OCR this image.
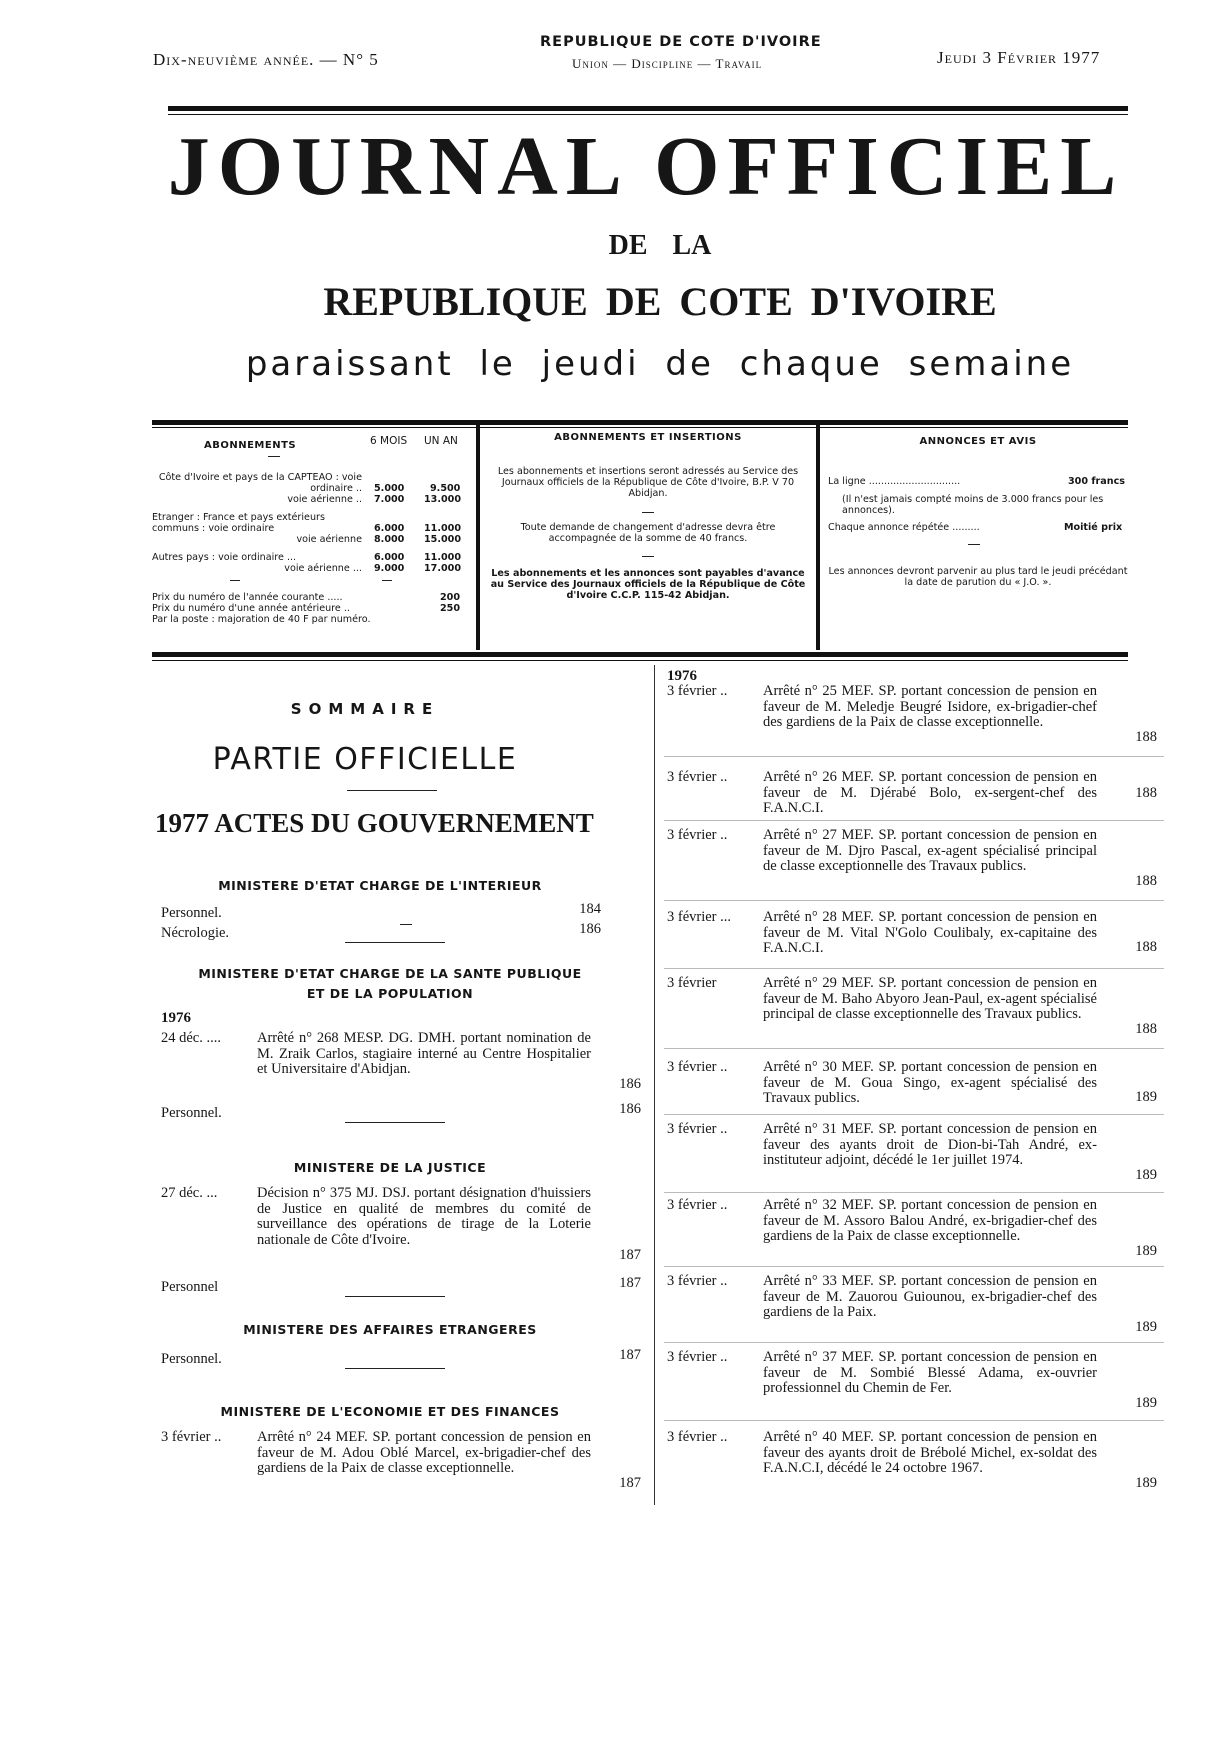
Dix-neuvième année. — N° 5
REPUBLIQUE DE COTE D'IVOIRE
Union — Discipline — Travail	Jeudi 3 Février 1977
JOURNAL OFFICIEL
DE LA
REPUBLIQUE DE COTE D'IVOIRE
paraissant le jeudi de chaque semaine
ABONNEMENTS	6 MOIS UN AN
Côte d'Ivoire et pays de la CAPTEAO : voie ordinaire .. 5.000	9.500
voie aérienne .. 7.000 13.000
Etranger : France et pays extérieurs communs : voie ordinaire	6.000 11.000
voie aérienne 8.000 15.000
Autres pays : voie ordinaire ...	6.000 11.000
voie aérienne ... 9.000 17.000
Prix du numéro de l'année courante .....	200
Prix du numéro d'une année antérieure ..	250
Par la poste : majoration de 40 F par numéro.
ABONNEMENTS ET INSERTIONS
Les abonnements et insertions seront adressés au Service des Journaux officiels de la République de Côte d'Ivoire, B.P. V 70 Abidjan.
Toute demande de changement d'adresse devra être accompagnée de la somme de 40 francs.
Les abonnements et les annonces sont payables d'avance au Service des Journaux officiels de la République de Côte d'Ivoire C.C.P. 115-42 Abidjan.
ANNONCES ET AVIS
La ligne ..............................	300 francs
(Il n'est jamais compté moins de 3.000 francs pour les annonces).
Chaque annonce répétée .........	Moitié prix
Les annonces devront parvenir au plus tard le jeudi précédant la date de parution du « J.O. ».
SOMMAIRE
PARTIE OFFICIELLE
1977 ACTES DU GOUVERNEMENT
MINISTERE D'ETAT CHARGE DE L'INTERIEUR
Personnel.	184
Nécrologie.	186
MINISTERE D'ETAT CHARGE DE LA SANTE PUBLIQUE
ET DE LA POPULATION
1976
24 déc. ....	Arrêté n° 268 MESP. DG. DMH. portant nomination de M. Zraik Carlos, stagiaire interné au Centre Hospitalier et Universitaire d'Abidjan.
186
Personnel.	186
MINISTERE DE LA JUSTICE
27 déc. ...	Décision n° 375 MJ. DSJ. portant désignation d'huissiers de Justice en qualité de membres du comité de surveillance des opérations de tirage de la Loterie nationale de Côte d'Ivoire.
187
Personnel	187
MINISTERE DES AFFAIRES ETRANGERES
Personnel.	187
MINISTERE DE L'ECONOMIE ET DES FINANCES
3 février ..	Arrêté n° 24 MEF. SP. portant concession de pension en faveur de M. Adou Oblé Marcel, ex-brigadier-chef des gardiens de la Paix de classe exceptionnelle.
187
1976
3 février ..	Arrêté n° 25 MEF. SP. portant concession de pension en faveur de M. Meledje Beugré Isidore, ex-brigadier-chef des gardiens de la Paix de classe exceptionnelle.
188
3 février ..	Arrêté n° 26 MEF. SP. portant concession de pension en faveur de M. Djérabé Bolo, ex-sergent-chef des F.A.N.C.I.
188
3 février ..	Arrêté n° 27 MEF. SP. portant concession de pension en faveur de M. Djro Pascal, ex-agent spécialisé principal de classe exceptionnelle des Travaux publics.
188
3 février ...	Arrêté n° 28 MEF. SP. portant concession de pension en faveur de M. Vital N'Golo Coulibaly, ex-capitaine des F.A.N.C.I.	188
3 février	Arrêté n° 29 MEF. SP. portant concession de pension en faveur de M. Baho Abyoro Jean-Paul, ex-agent spécialisé principal de classe exceptionnelle des Travaux publics.
188
3 février ..	Arrêté n° 30 MEF. SP. portant concession de pension en faveur de M. Goua Singo, ex-agent spécialisé des Travaux publics.	189
3 février ..	Arrêté n° 31 MEF. SP. portant concession de pension en faveur des ayants droit de Dion-bi-Tah André, ex-instituteur adjoint, décédé le 1er juillet 1974.
189
3 février ..	Arrêté n° 32 MEF. SP. portant concession de pension en faveur de M. Assoro Balou André, ex-brigadier-chef des gardiens de la Paix de classe exceptionnelle.
189
3 février ..	Arrêté n° 33 MEF. SP. portant concession de pension en faveur de M. Zauorou Guiounou, ex-brigadier-chef des gardiens de la Paix.
189
3 février ..	Arrêté n° 37 MEF. SP. portant concession de pension en faveur de M. Sombié Blessé Adama, ex-ouvrier professionnel du Chemin de Fer.
189
3 février ..	Arrêté n° 40 MEF. SP. portant concession de pension en faveur des ayants droit de Brébolé Michel, ex-soldat des F.A.N.C.I, décédé le 24 octobre 1967.
189
